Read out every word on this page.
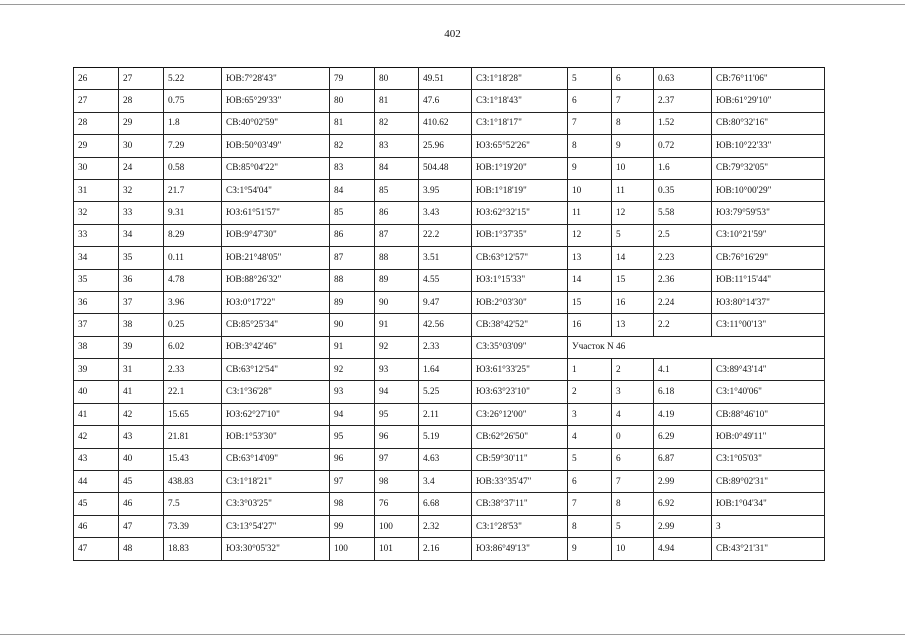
402
26	27	5.22	ЮВ:7°28'43"	79	80	49.51	СЗ:1°18'28"	5	6	0.63	СВ:76°11'06"
27	28	0.75	ЮВ:65°29'33"	80	81	47.6	СЗ:1°18'43"	6	7	2.37	ЮВ:61°29'10"
28	29	1.8	СВ:40°02'59"	81	82	410.62	СЗ:1°18'17"	7	8	1.52	СВ:80°32'16"
29	30	7.29	ЮВ:50°03'49"	82	83	25.96	ЮЗ:65°52'26"	8	9	0.72	ЮВ:10°22'33"
30	24	0.58	СВ:85°04'22"	83	84	504.48	ЮВ:1°19'20"	9	10	1.6	СВ:79°32'05"
31	32	21.7	СЗ:1°54'04"	84	85	3.95	ЮВ:1°18'19"	10	11	0.35	ЮВ:10°00'29"
32	33	9.31	ЮЗ:61°51'57"	85	86	3.43	ЮЗ:62°32'15"	11	12	5.58	ЮЗ:79°59'53"
33	34	8.29	ЮВ:9°47'30"	86	87	22.2	ЮВ:1°37'35"	12	5	2.5	СЗ:10°21'59"
34	35	0.11	ЮВ:21°48'05"	87	88	3.51	СВ:63°12'57"	13	14	2.23	СВ:76°16'29"
35	36	4.78	ЮВ:88°26'32"	88	89	4.55	ЮЗ:1°15'33"	14	15	2.36	ЮВ:11°15'44"
36	37	3.96	ЮЗ:0°17'22"	89	90	9.47	ЮВ:2°03'30"	15	16	2.24	ЮЗ:80°14'37"
37	38	0.25	СВ:85°25'34"	90	91	42.56	СВ:38°42'52"	16	13	2.2	СЗ:11°00'13"
38	39	6.02	ЮВ:3°42'46"	91	92	2.33	СЗ:35°03'09"	Участок N 46			
39	31	2.33	СВ:63°12'54"	92	93	1.64	ЮЗ:61°33'25"	1	2	4.1	СЗ:89°43'14"
40	41	22.1	СЗ:1°36'28"	93	94	5.25	ЮЗ:63°23'10"	2	3	6.18	СЗ:1°40'06"
41	42	15.65	ЮЗ:62°27'10"	94	95	2.11	СЗ:26°12'00"	3	4	4.19	СВ:88°46'10"
42	43	21.81	ЮВ:1°53'30"	95	96	5.19	СВ:62°26'50"	4	0	6.29	ЮВ:0°49'11"
43	40	15.43	СВ:63°14'09"	96	97	4.63	СВ:59°30'11"	5	6	6.87	СЗ:1°05'03"
44	45	438.83	СЗ:1°18'21"	97	98	3.4	ЮВ:33°35'47"	6	7	2.99	СВ:89°02'31"
45	46	7.5	СЗ:3°03'25"	98	76	6.68	СВ:38°37'11"	7	8	6.92	ЮВ:1°04'34"
46	47	73.39	СЗ:13°54'27"	99	100	2.32	СЗ:1°28'53"	8	5	2.99	З
47	48	18.83	ЮЗ:30°05'32"	100	101	2.16	ЮЗ:86°49'13"	9	10	4.94	СВ:43°21'31"
